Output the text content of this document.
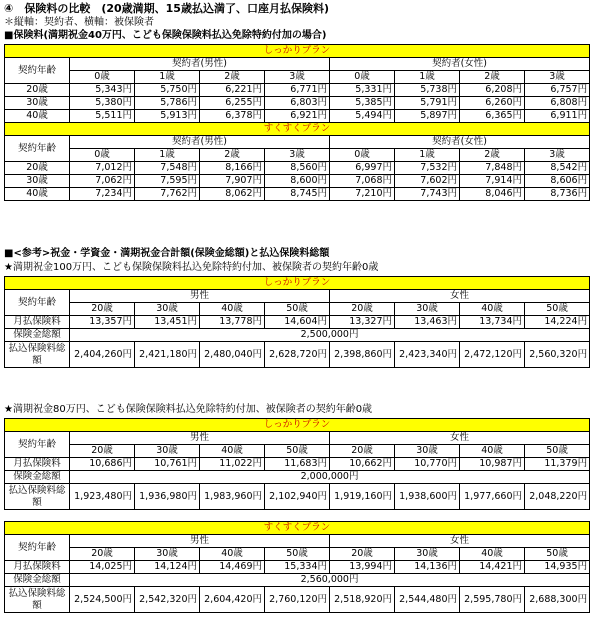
④　保険料の比較　(20歳満期、15歳払込満了、口座月払保険料)
＊縦軸：契約者、横軸：被保険者
■保険料(満期祝金40万円、こども保険保険料払込免除特約付加の場合)
しっかりプラン								
契約年齢	契約者(男性)				契約者(女性)			
	0歳	1歳	2歳	3歳	0歳	1歳	2歳	3歳
20歳	5,343円	5,750円	6,221円	6,771円	5,331円	5,738円	6,208円	6,757円
30歳	5,380円	5,786円	6,255円	6,803円	5,385円	5,791円	6,260円	6,808円
40歳	5,511円	5,913円	6,378円	6,921円	5,494円	5,897円	6,365円	6,911円
すくすくプラン								
契約年齢	契約者(男性)				契約者(女性)			
	0歳	1歳	2歳	3歳	0歳	1歳	2歳	3歳
20歳	7,012円	7,548円	8,166円	8,560円	6,997円	7,532円	7,848円	8,542円
30歳	7,062円	7,595円	7,907円	8,600円	7,068円	7,602円	7,914円	8,606円
40歳	7,234円	7,762円	8,062円	8,745円	7,210円	7,743円	8,046円	8,736円
■<参考>祝金・学資金・満期祝金合計額(保険金総額)と払込保険料総額
★満期祝金100万円、こども保険保険料払込免除特約付加、被保険者の契約年齢0歳
しっかりプラン								
契約年齢	男性				女性			
	20歳	30歳	40歳	50歳	20歳	30歳	40歳	50歳
月払保険料	13,357円	13,451円	13,778円	14,604円	13,327円	13,463円	13,734円	14,224円
保険金総額	2,500,000円							
払込保険料総額	2,404,260円	2,421,180円	2,480,040円	2,628,720円	2,398,860円	2,423,340円	2,472,120円	2,560,320円
★満期祝金80万円、こども保険保険料払込免除特約付加、被保険者の契約年齢0歳
しっかりプラン								
契約年齢	男性				女性			
	20歳	30歳	40歳	50歳	20歳	30歳	40歳	50歳
月払保険料	10,686円	10,761円	11,022円	11,683円	10,662円	10,770円	10,987円	11,379円
保険金総額	2,000,000円							
払込保険料総額	1,923,480円	1,936,980円	1,983,960円	2,102,940円	1,919,160円	1,938,600円	1,977,660円	2,048,220円
すくすくプラン								
契約年齢	男性				女性			
	20歳	30歳	40歳	50歳	20歳	30歳	40歳	50歳
月払保険料	14,025円	14,124円	14,469円	15,334円	13,994円	14,136円	14,421円	14,935円
保険金総額	2,560,000円							
払込保険料総額	2,524,500円	2,542,320円	2,604,420円	2,760,120円	2,518,920円	2,544,480円	2,595,780円	2,688,300円
